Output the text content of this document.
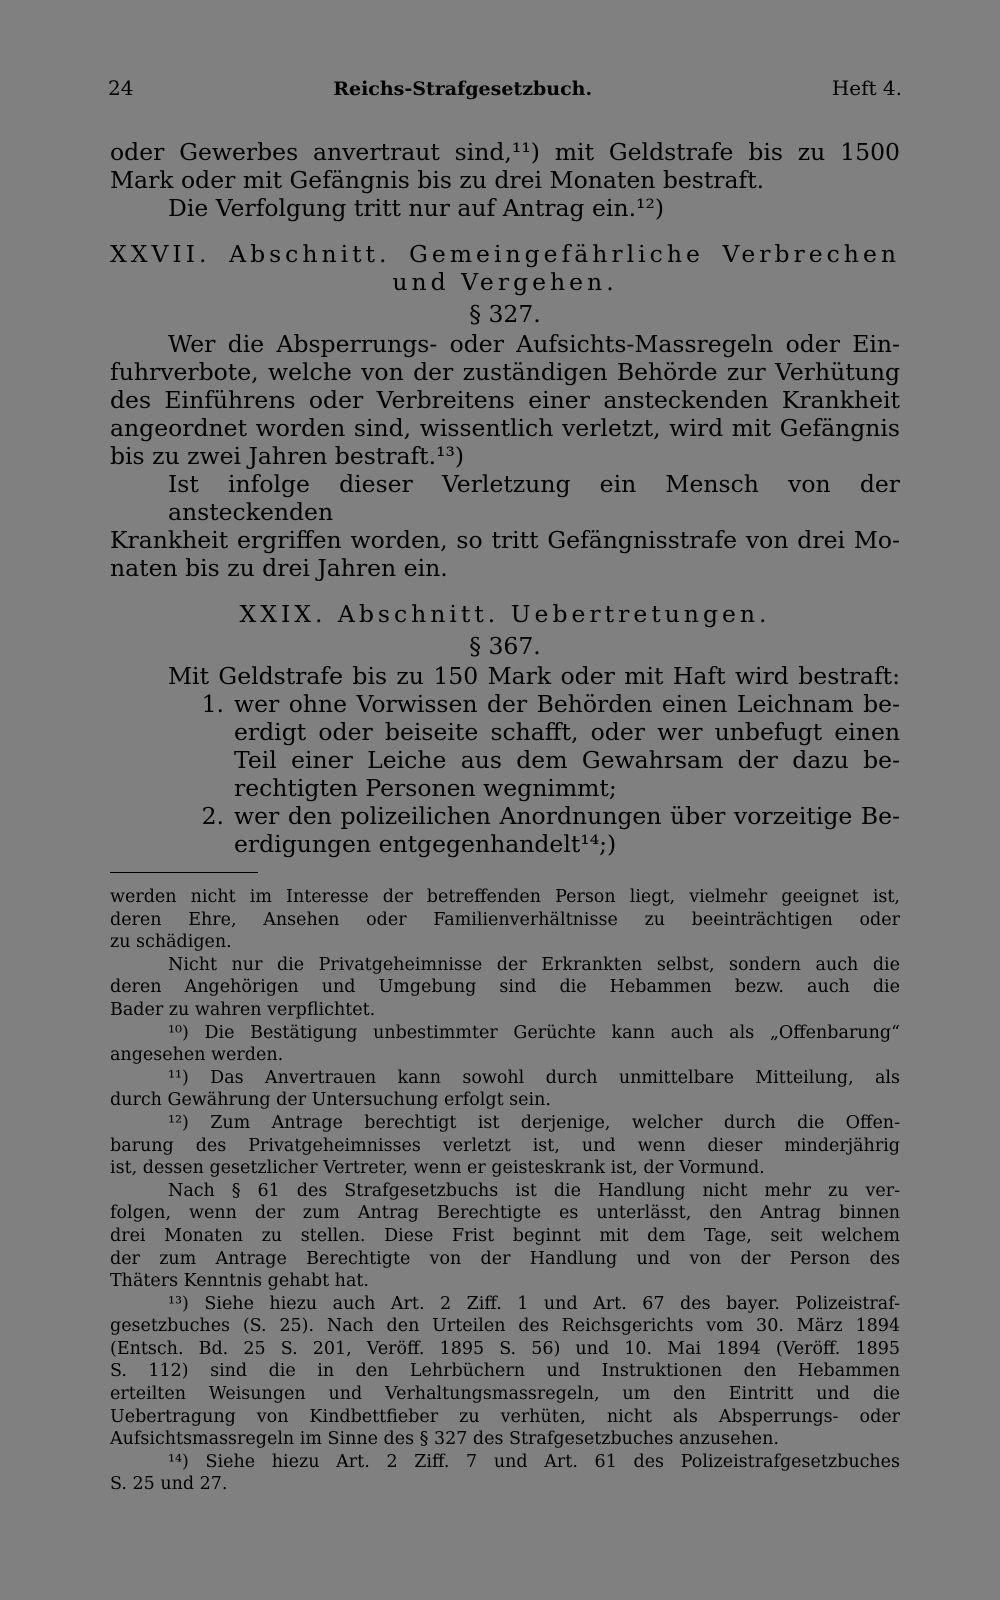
24	Reichs-Strafgesetzbuch.	Heft 4.
oder Gewerbes anvertraut sind,¹¹) mit Geldstrafe bis zu 1500
Mark oder mit Gefängnis bis zu drei Monaten bestraft.
Die Verfolgung tritt nur auf Antrag ein.¹²)
XXVII. Abschnitt. Gemeingefährliche Verbrechen
und Vergehen.
§ 327.
Wer die Absperrungs- oder Aufsichts-Massregeln oder Ein-
fuhrverbote, welche von der zuständigen Behörde zur Verhütung
des Einführens oder Verbreitens einer ansteckenden Krankheit
angeordnet worden sind, wissentlich verletzt, wird mit Gefängnis
bis zu zwei Jahren bestraft.¹³)
Ist infolge dieser Verletzung ein Mensch von der ansteckenden
Krankheit ergriffen worden, so tritt Gefängnisstrafe von drei Mo-
naten bis zu drei Jahren ein.
XXIX. Abschnitt. Uebertretungen.
§ 367.
Mit Geldstrafe bis zu 150 Mark oder mit Haft wird bestraft:
1. wer ohne Vorwissen der Behörden einen Leichnam be-
erdigt oder beiseite schafft, oder wer unbefugt einen
Teil einer Leiche aus dem Gewahrsam der dazu be-
rechtigten Personen wegnimmt;
2. wer den polizeilichen Anordnungen über vorzeitige Be-
erdigungen entgegenhandelt¹⁴;)
werden nicht im Interesse der betreffenden Person liegt, vielmehr geeignet ist,
deren Ehre, Ansehen oder Familienverhältnisse zu beeinträchtigen oder
zu schädigen.
Nicht nur die Privatgeheimnisse der Erkrankten selbst, sondern auch die
deren Angehörigen und Umgebung sind die Hebammen bezw. auch die
Bader zu wahren verpflichtet.
¹⁰) Die Bestätigung unbestimmter Gerüchte kann auch als „Offenbarung“
angesehen werden.
¹¹) Das Anvertrauen kann sowohl durch unmittelbare Mitteilung, als
durch Gewährung der Untersuchung erfolgt sein.
¹²) Zum Antrage berechtigt ist derjenige, welcher durch die Offen-
barung des Privatgeheimnisses verletzt ist, und wenn dieser minderjährig
ist, dessen gesetzlicher Vertreter, wenn er geisteskrank ist, der Vormund.
Nach § 61 des Strafgesetzbuchs ist die Handlung nicht mehr zu ver-
folgen, wenn der zum Antrag Berechtigte es unterlässt, den Antrag binnen
drei Monaten zu stellen. Diese Frist beginnt mit dem Tage, seit welchem
der zum Antrage Berechtigte von der Handlung und von der Person des
Thäters Kenntnis gehabt hat.
¹³) Siehe hiezu auch Art. 2 Ziff. 1 und Art. 67 des bayer. Polizeistraf-
gesetzbuches (S. 25). Nach den Urteilen des Reichsgerichts vom 30. März 1894
(Entsch. Bd. 25 S. 201, Veröff. 1895 S. 56) und 10. Mai 1894 (Veröff. 1895
S. 112) sind die in den Lehrbüchern und Instruktionen den Hebammen
erteilten Weisungen und Verhaltungsmassregeln, um den Eintritt und die
Uebertragung von Kindbettfieber zu verhüten, nicht als Absperrungs- oder
Aufsichtsmassregeln im Sinne des § 327 des Strafgesetzbuches anzusehen.
¹⁴) Siehe hiezu Art. 2 Ziff. 7 und Art. 61 des Polizeistrafgesetzbuches
S. 25 und 27.
